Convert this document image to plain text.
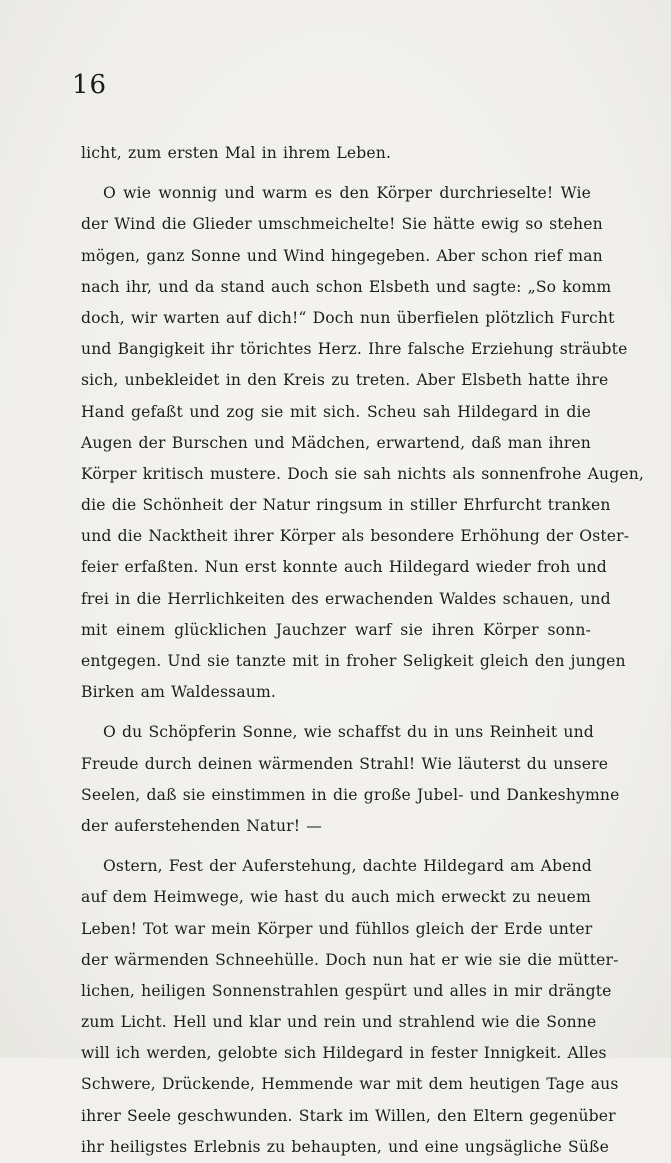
16
licht, zum ersten Mal in ihrem Leben.
O wie wonnig und warm es den Körper durchrieselte! Wie
der Wind die Glieder umschmeichelte! Sie hätte ewig so stehen
mögen, ganz Sonne und Wind hingegeben. Aber schon rief man
nach ihr, und da stand auch schon Elsbeth und sagte: „So komm
doch, wir warten auf dich!“ Doch nun überfielen plötzlich Furcht
und Bangigkeit ihr törichtes Herz. Ihre falsche Erziehung sträubte
sich, unbekleidet in den Kreis zu treten. Aber Elsbeth hatte ihre
Hand gefaßt und zog sie mit sich. Scheu sah Hildegard in die
Augen der Burschen und Mädchen, erwartend, daß man ihren
Körper kritisch mustere. Doch sie sah nichts als sonnenfrohe Augen,
die die Schönheit der Natur ringsum in stiller Ehrfurcht tranken
und die Nacktheit ihrer Körper als besondere Erhöhung der Oster-
feier erfaßten. Nun erst konnte auch Hildegard wieder froh und
frei in die Herrlichkeiten des erwachenden Waldes schauen, und
mit einem glücklichen Jauchzer warf sie ihren Körper sonn-
entgegen. Und sie tanzte mit in froher Seligkeit gleich den jungen
Birken am Waldessaum.
O du Schöpferin Sonne, wie schaffst du in uns Reinheit und
Freude durch deinen wärmenden Strahl! Wie läuterst du unsere
Seelen, daß sie einstimmen in die große Jubel- und Dankeshymne
der auferstehenden Natur! —
Ostern, Fest der Auferstehung, dachte Hildegard am Abend
auf dem Heimwege, wie hast du auch mich erweckt zu neuem
Leben! Tot war mein Körper und fühllos gleich der Erde unter
der wärmenden Schneehülle. Doch nun hat er wie sie die mütter-
lichen, heiligen Sonnenstrahlen gespürt und alles in mir drängte
zum Licht. Hell und klar und rein und strahlend wie die Sonne
will ich werden, gelobte sich Hildegard in fester Innigkeit. Alles
Schwere, Drückende, Hemmende war mit dem heutigen Tage aus
ihrer Seele geschwunden. Stark im Willen, den Eltern gegenüber
ihr heiligstes Erlebnis zu behaupten, und eine ungsägliche Süße
